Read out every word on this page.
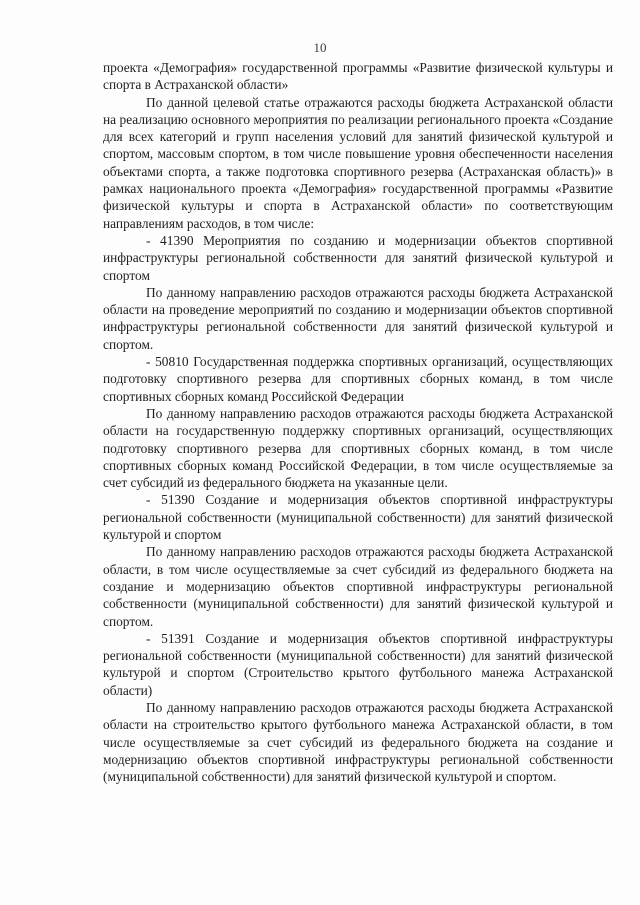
10

проекта «Демография» государственной программы «Развитие физической культуры и спорта в Астраханской области»

По данной целевой статье отражаются расходы бюджета Астраханской области на реализацию основного мероприятия по реализации регионального проекта «Создание для всех категорий и групп населения условий для занятий физической культурой и спортом, массовым спортом, в том числе повышение уровня обеспеченности населения объектами спорта, а также подготовка спортивного резерва (Астраханская область)» в рамках национального проекта «Демография» государственной программы «Развитие физической культуры и спорта в Астраханской области» по соответствующим направлениям расходов, в том числе:

- 41390 Мероприятия по созданию и модернизации объектов спортивной инфраструктуры региональной собственности для занятий физической культурой и спортом

По данному направлению расходов отражаются расходы бюджета Астраханской области на проведение мероприятий по созданию и модернизации объектов спортивной инфраструктуры региональной собственности для занятий физической культурой и спортом.

- 50810 Государственная поддержка спортивных организаций, осуществляющих подготовку спортивного резерва для спортивных сборных команд, в том числе спортивных сборных команд Российской Федерации

По данному направлению расходов отражаются расходы бюджета Астраханской области на государственную поддержку спортивных организаций, осуществляющих подготовку спортивного резерва для спортивных сборных команд, в том числе спортивных сборных команд Российской Федерации, в том числе осуществляемые за счет субсидий из федерального бюджета на указанные цели.

- 51390 Создание и модернизация объектов спортивной инфраструктуры региональной собственности (муниципальной собственности) для занятий физической культурой и спортом

По данному направлению расходов отражаются расходы бюджета Астраханской области, в том числе осуществляемые за счет субсидий из федерального бюджета на создание и модернизацию объектов спортивной инфраструктуры региональной собственности (муниципальной собственности) для занятий физической культурой и спортом.

- 51391 Создание и модернизация объектов спортивной инфраструктуры региональной собственности (муниципальной собственности) для занятий физической культурой и спортом (Строительство крытого футбольного манежа Астраханской области)

По данному направлению расходов отражаются расходы бюджета Астраханской области на строительство крытого футбольного манежа Астраханской области, в том числе осуществляемые за счет субсидий из федерального бюджета на создание и модернизацию объектов спортивной инфраструктуры региональной собственности (муниципальной собственности) для занятий физической культурой и спортом.
